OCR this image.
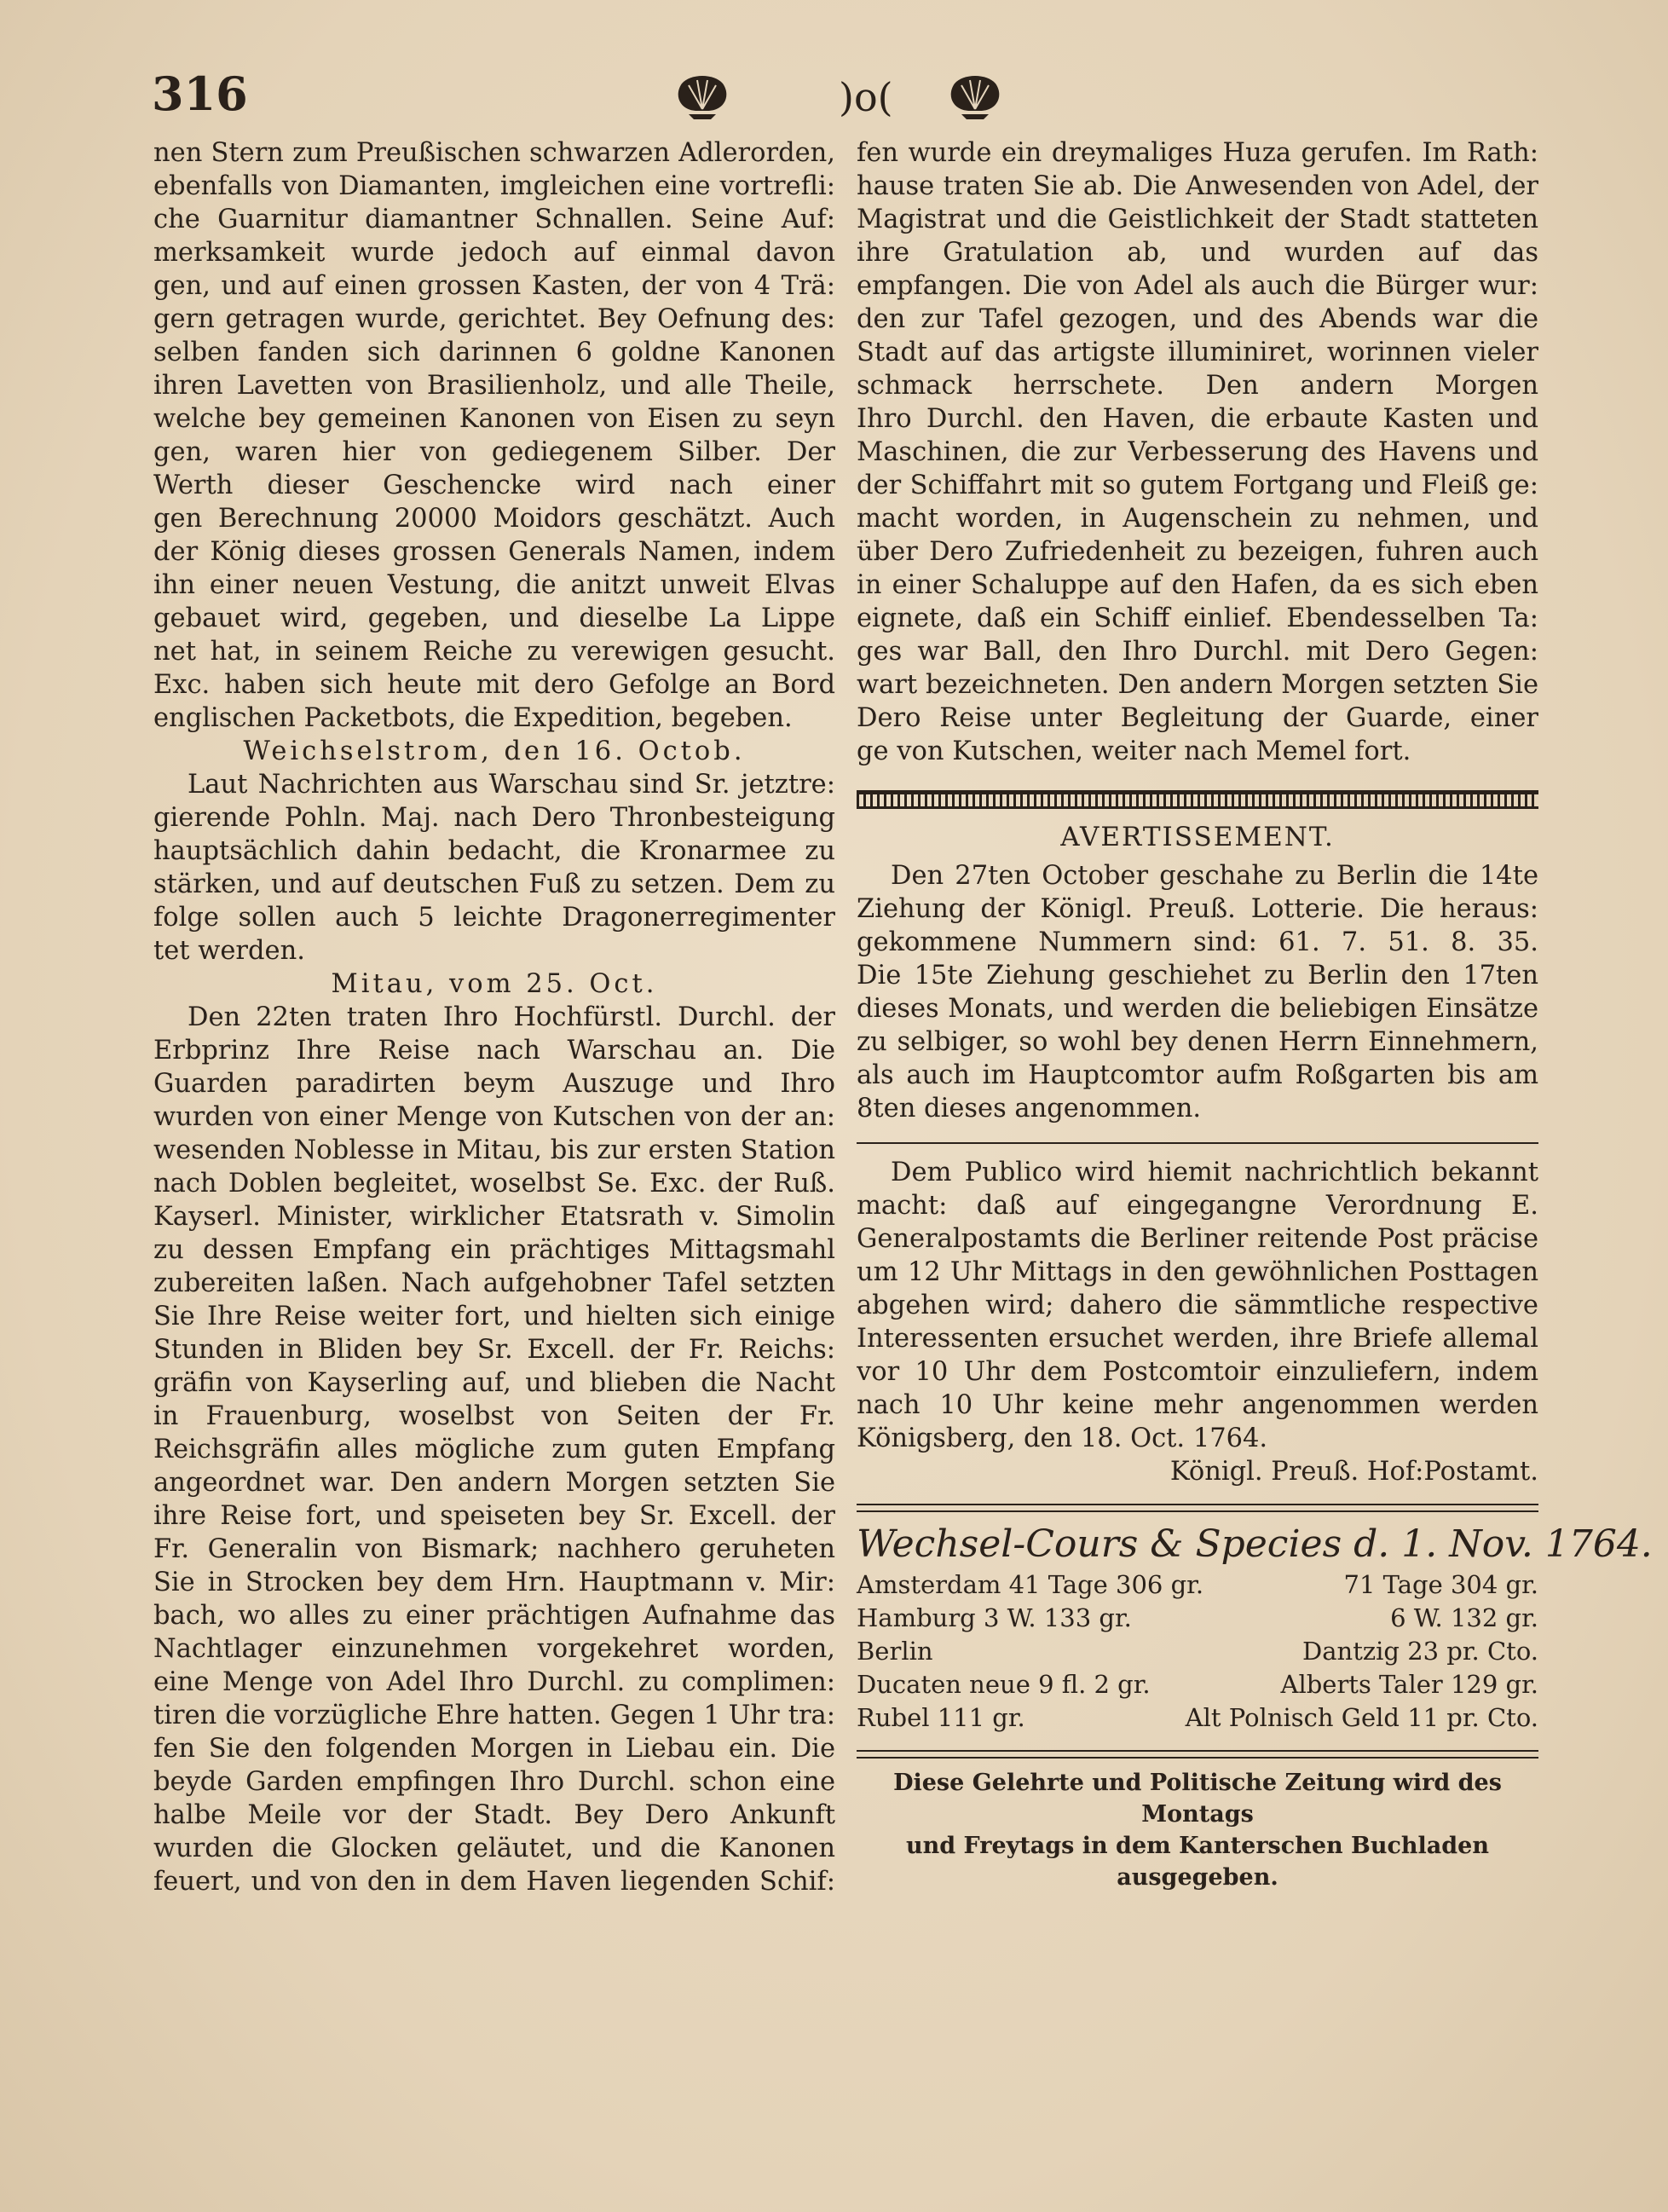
316	)o(
nen Stern zum Preußischen schwarzen Adlerorden,
ebenfalls von Diamanten, imgleichen eine vortrefli:
che Guarnitur diamantner Schnallen. Seine Auf:
merksamkeit wurde jedoch auf einmal davon
gen, und auf einen grossen Kasten, der von 4 Trä:
gern getragen wurde, gerichtet. Bey Oefnung des:
selben fanden sich darinnen 6 goldne Kanonen
ihren Lavetten von Brasilienholz, und alle Theile,
welche bey gemeinen Kanonen von Eisen zu seyn
gen, waren hier von gediegenem Silber. Der
Werth dieser Geschencke wird nach einer
gen Berechnung 20000 Moidors geschätzt. Auch
der König dieses grossen Generals Namen, indem
ihn einer neuen Vestung, die anitzt unweit Elvas
gebauet wird, gegeben, und dieselbe La Lippe
net hat, in seinem Reiche zu verewigen gesucht.
Exc. haben sich heute mit dero Gefolge an Bord
englischen Packetbots, die Expedition, begeben.
Weichselstrom, den 16. Octob.
Laut Nachrichten aus Warschau sind Sr. jetztre:
gierende Pohln. Maj. nach Dero Thronbesteigung
hauptsächlich dahin bedacht, die Kronarmee zu
stärken, und auf deutschen Fuß zu setzen. Dem zu
folge sollen auch 5 leichte Dragonerregimenter
tet werden.
Mitau, vom 25. Oct.
Den 22ten traten Ihro Hochfürstl. Durchl. der
Erbprinz Ihre Reise nach Warschau an. Die
Guarden paradirten beym Auszuge und Ihro
wurden von einer Menge von Kutschen von der an:
wesenden Noblesse in Mitau, bis zur ersten Station
nach Doblen begleitet, woselbst Se. Exc. der Ruß.
Kayserl. Minister, wirklicher Etatsrath v. Simolin
zu dessen Empfang ein prächtiges Mittagsmahl
zubereiten laßen. Nach aufgehobner Tafel setzten
Sie Ihre Reise weiter fort, und hielten sich einige
Stunden in Bliden bey Sr. Excell. der Fr. Reichs:
gräfin von Kayserling auf, und blieben die Nacht
in Frauenburg, woselbst von Seiten der Fr.
Reichsgräfin alles mögliche zum guten Empfang
angeordnet war. Den andern Morgen setzten Sie
ihre Reise fort, und speiseten bey Sr. Excell. der
Fr. Generalin von Bismark; nachhero geruheten
Sie in Strocken bey dem Hrn. Hauptmann v. Mir:
bach, wo alles zu einer prächtigen Aufnahme das
Nachtlager einzunehmen vorgekehret worden,
eine Menge von Adel Ihro Durchl. zu complimen:
tiren die vorzügliche Ehre hatten. Gegen 1 Uhr tra:
fen Sie den folgenden Morgen in Liebau ein. Die
beyde Garden empfingen Ihro Durchl. schon eine
halbe Meile vor der Stadt. Bey Dero Ankunft
wurden die Glocken geläutet, und die Kanonen
feuert, und von den in dem Haven liegenden Schif:
fen wurde ein dreymaliges Huza gerufen. Im Rath:
hause traten Sie ab. Die Anwesenden von Adel, der
Magistrat und die Geistlichkeit der Stadt statteten
ihre Gratulation ab, und wurden auf das
empfangen. Die von Adel als auch die Bürger wur:
den zur Tafel gezogen, und des Abends war die
Stadt auf das artigste illuminiret, worinnen vieler
schmack herrschete. Den andern Morgen
Ihro Durchl. den Haven, die erbaute Kasten und
Maschinen, die zur Verbesserung des Havens und
der Schiffahrt mit so gutem Fortgang und Fleiß ge:
macht worden, in Augenschein zu nehmen, und
über Dero Zufriedenheit zu bezeigen, fuhren auch
in einer Schaluppe auf den Hafen, da es sich eben
eignete, daß ein Schiff einlief. Ebendesselben Ta:
ges war Ball, den Ihro Durchl. mit Dero Gegen:
wart bezeichneten. Den andern Morgen setzten Sie
Dero Reise unter Begleitung der Guarde, einer
ge von Kutschen, weiter nach Memel fort.
AVERTISSEMENT.
Den 27ten October geschahe zu Berlin die 14te
Ziehung der Königl. Preuß. Lotterie. Die heraus:
gekommene Nummern sind: 61. 7. 51. 8. 35.
Die 15te Ziehung geschiehet zu Berlin den 17ten
dieses Monats, und werden die beliebigen Einsätze
zu selbiger, so wohl bey denen Herrn Einnehmern,
als auch im Hauptcomtor aufm Roßgarten bis am
8ten dieses angenommen.
Dem Publico wird hiemit nachrichtlich bekannt
macht: daß auf eingegangne Verordnung E.
Generalpostamts die Berliner reitende Post präcise
um 12 Uhr Mittags in den gewöhnlichen Posttagen
abgehen wird; dahero die sämmtliche respective
Interessenten ersuchet werden, ihre Briefe allemal
vor 10 Uhr dem Postcomtoir einzuliefern, indem
nach 10 Uhr keine mehr angenommen werden
Königsberg, den 18. Oct. 1764.
Königl. Preuß. Hof:Postamt.
Wechsel-Cours & Species d. 1. Nov. 1764.
Amsterdam 41 Tage 306 gr.	71 Tage 304 gr.
Hamburg 3 W. 133 gr.	6 W. 132 gr.
Berlin	Dantzig 23 pr. Cto.
Ducaten neue 9 fl. 2 gr.	Alberts Taler 129 gr.
Rubel 111 gr.	Alt Polnisch Geld 11 pr. Cto.
Diese Gelehrte und Politische Zeitung wird des Montags
und Freytags in dem Kanterschen Buchladen
ausgegeben.
